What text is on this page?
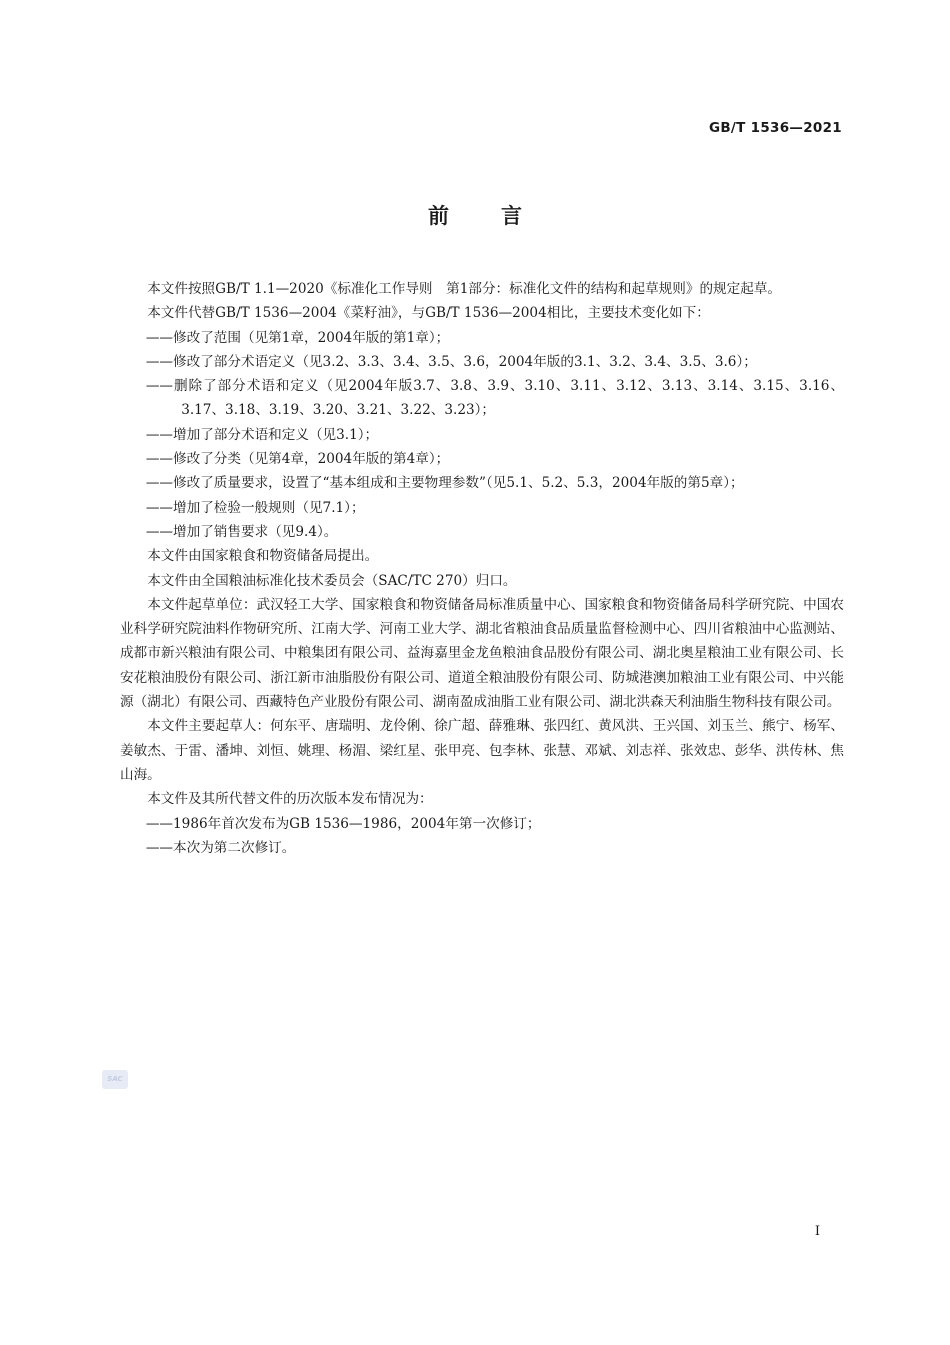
GB/T 1536—2021

前言

本文件按照GB/T 1.1—2020《标准化工作导则　第1部分：标准化文件的结构和起草规则》的规定起草。

本文件代替GB/T 1536—2004《菜籽油》，与GB/T 1536—2004相比，主要技术变化如下：

——修改了范围（见第1章，2004年版的第1章）；

——修改了部分术语定义（见3.2、3.3、3.4、3.5、3.6，2004年版的3.1、3.2、3.4、3.5、3.6）；

——删除了部分术语和定义（见2004年版3.7、3.8、3.9、3.10、3.11、3.12、3.13、3.14、3.15、3.16、3.17、3.18、3.19、3.20、3.21、3.22、3.23）；

——增加了部分术语和定义（见3.1）；

——修改了分类（见第4章，2004年版的第4章）；

——修改了质量要求，设置了“基本组成和主要物理参数”（见5.1、5.2、5.3，2004年版的第5章）；

——增加了检验一般规则（见7.1）；

——增加了销售要求（见9.4）。

本文件由国家粮食和物资储备局提出。

本文件由全国粮油标准化技术委员会（SAC/TC 270）归口。

本文件起草单位：武汉轻工大学、国家粮食和物资储备局标准质量中心、国家粮食和物资储备局科学研究院、中国农业科学研究院油料作物研究所、江南大学、河南工业大学、湖北省粮油食品质量监督检测中心、四川省粮油中心监测站、成都市新兴粮油有限公司、中粮集团有限公司、益海嘉里金龙鱼粮油食品股份有限公司、湖北奥星粮油工业有限公司、长安花粮油股份有限公司、浙江新市油脂股份有限公司、道道全粮油股份有限公司、防城港澳加粮油工业有限公司、中兴能源（湖北）有限公司、西藏特色产业股份有限公司、湖南盈成油脂工业有限公司、湖北洪森天利油脂生物科技有限公司。

本文件主要起草人：何东平、唐瑞明、龙伶俐、徐广超、薛雅琳、张四红、黄风洪、王兴国、刘玉兰、熊宁、杨军、姜敏杰、于雷、潘坤、刘恒、姚理、杨湄、梁红星、张甲亮、包李林、张慧、邓斌、刘志祥、张效忠、彭华、洪传林、焦山海。

本文件及其所代替文件的历次版本发布情况为：

——1986年首次发布为GB 1536—1986，2004年第一次修订；

——本次为第二次修订。

SAC

I
